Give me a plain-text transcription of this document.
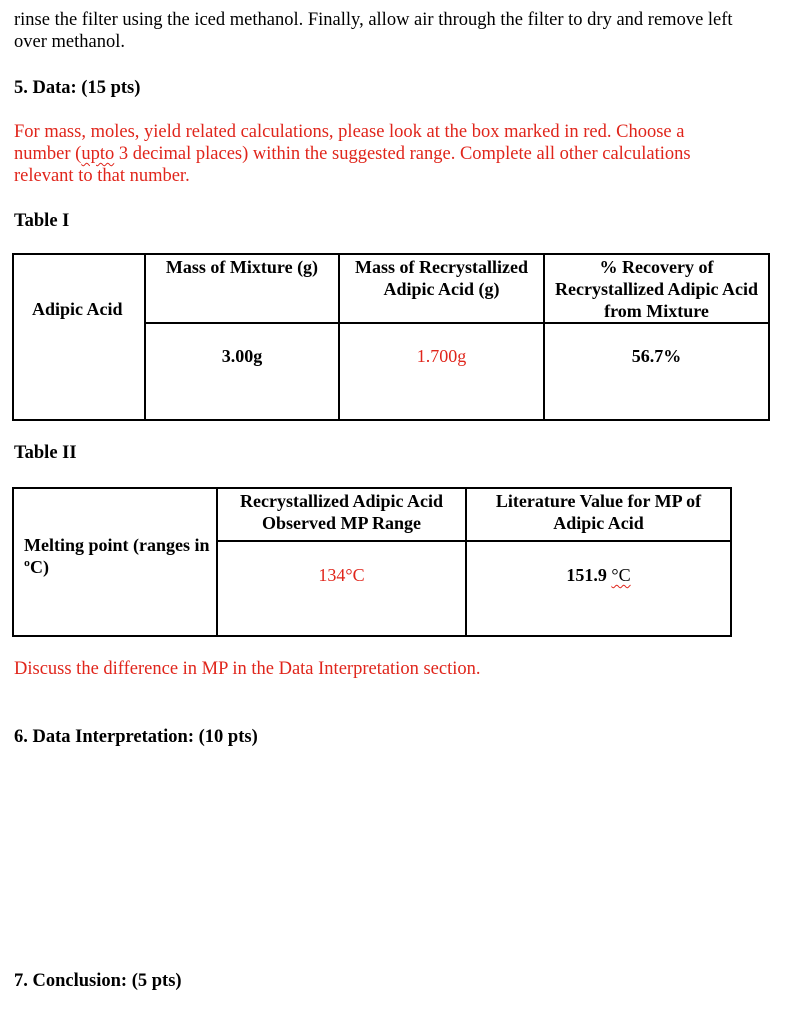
rinse the filter using the iced methanol. Finally, allow air through the filter to dry and remove left

over methanol.

5. Data: (15 pts)

For mass, moles, yield related calculations, please look at the box marked in red. Choose a

number (upto 3 decimal places) within the suggested range. Complete all other calculations

relevant to that number.

Table I

Adipic Acid	Mass of Mixture (g)	Mass of Recrystallized Adipic Acid (g)	% Recovery of Recrystallized Adipic Acid from Mixture
	3.00g	1.700g	56.7%

Table II

Melting point (ranges in ºC)	Recrystallized Adipic Acid Observed MP Range	Literature Value for MP of Adipic Acid
	134°C	151.9 °C

Discuss the difference in MP in the Data Interpretation section.

6. Data Interpretation: (10 pts)

7. Conclusion: (5 pts)
